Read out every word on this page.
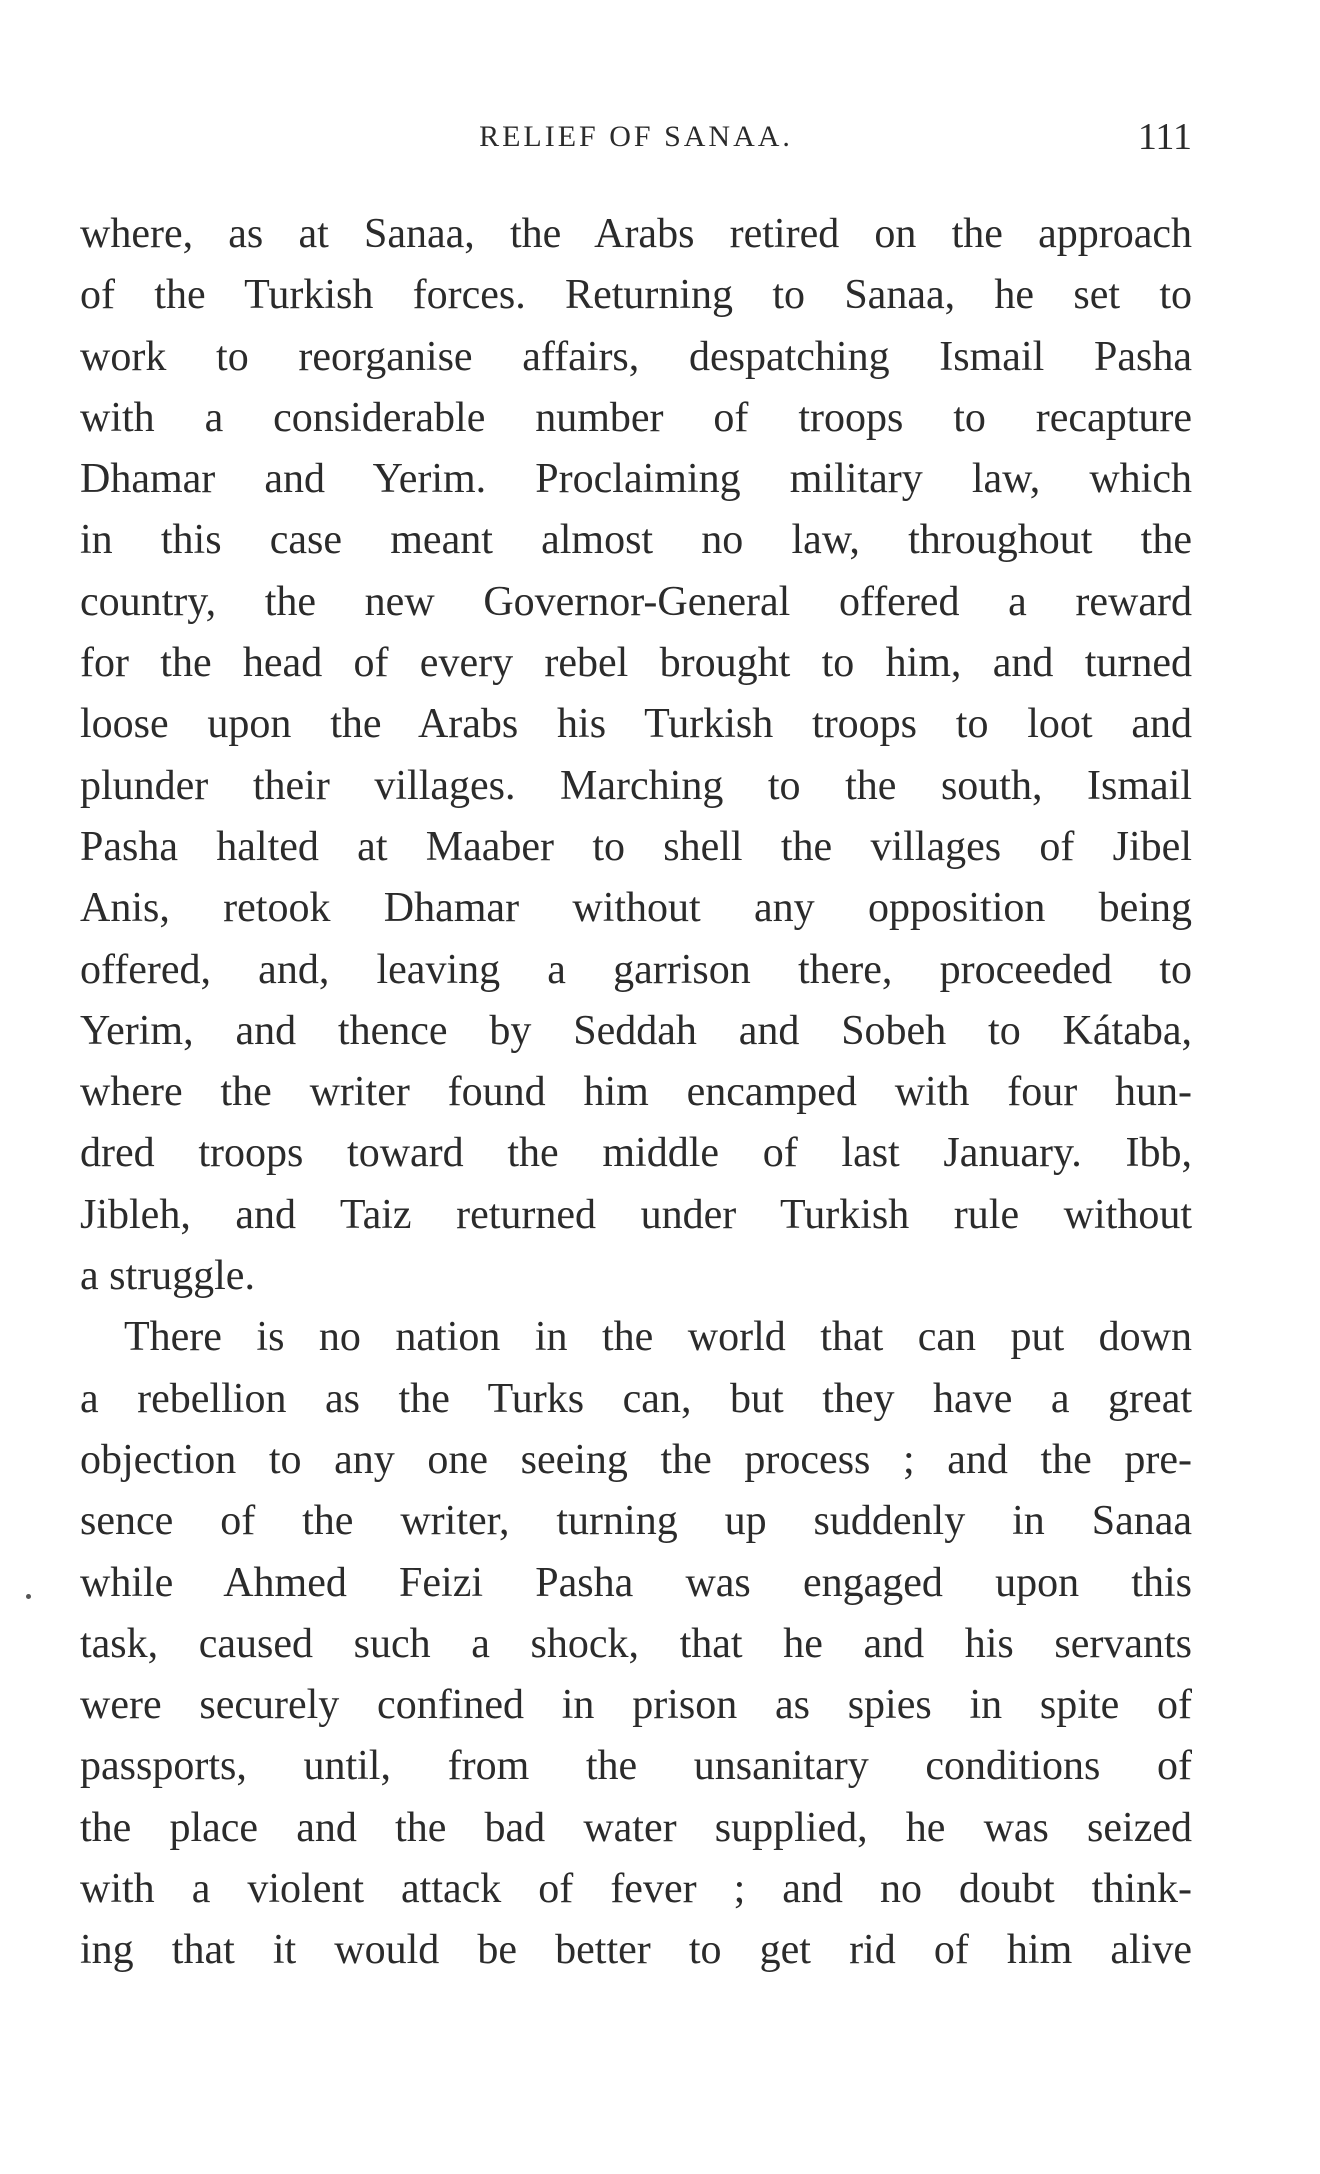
RELIEF OF SANAA.	111
where, as at Sanaa, the Arabs retired on the approach
of the Turkish forces. Returning to Sanaa, he set to
work to reorganise affairs, despatching Ismail Pasha
with a considerable number of troops to recapture
Dhamar and Yerim. Proclaiming military law, which
in this case meant almost no law, throughout the
country, the new Governor-General offered a reward
for the head of every rebel brought to him, and turned
loose upon the Arabs his Turkish troops to loot and
plunder their villages. Marching to the south, Ismail
Pasha halted at Maaber to shell the villages of Jibel
Anis, retook Dhamar without any opposition being
offered, and, leaving a garrison there, proceeded to
Yerim, and thence by Seddah and Sobeh to Kátaba,
where the writer found him encamped with four hun-
dred troops toward the middle of last January. Ibb,
Jibleh, and Taiz returned under Turkish rule without
a struggle.
There is no nation in the world that can put down
a rebellion as the Turks can, but they have a great
objection to any one seeing the process ; and the pre-
sence of the writer, turning up suddenly in Sanaa
while Ahmed Feizi Pasha was engaged upon this
task, caused such a shock, that he and his servants
were securely confined in prison as spies in spite of
passports, until, from the unsanitary conditions of
the place and the bad water supplied, he was seized
with a violent attack of fever ; and no doubt think-
ing that it would be better to get rid of him alive
